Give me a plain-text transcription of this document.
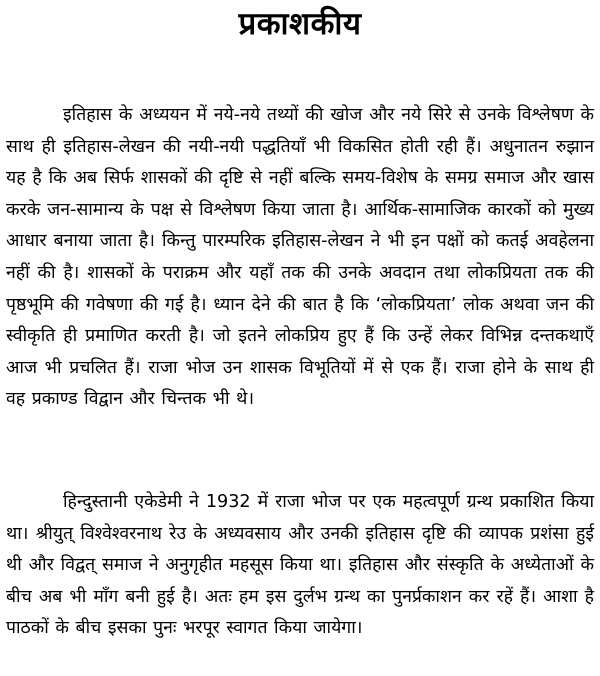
प्रकाशकीय

इतिहास के अध्ययन में नये-नये तथ्यों की खोज और नये सिरे से उनके विश्लेषण के साथ ही इतिहास-लेखन की नयी-नयी पद्धतियाँ भी विकसित होती रही हैं। अधुनातन रुझान यह है कि अब सिर्फ शासकों की दृष्टि से नहीं बल्कि समय-विशेष के समग्र समाज और खास करके जन-सामान्य के पक्ष से विश्लेषण किया जाता है। आर्थिक-सामाजिक कारकों को मुख्य आधार बनाया जाता है। किन्तु पारम्परिक इतिहास-लेखन ने भी इन पक्षों को कतई अवहेलना नहीं की है। शासकों के पराक्रम और यहाँ तक की उनके अवदान तथा लोकप्रियता तक की पृष्ठभूमि की गवेषणा की गई है। ध्यान देने की बात है कि ‘लोकप्रियता’ लोक अथवा जन की स्वीकृति ही प्रमाणित करती है। जो इतने लोकप्रिय हुए हैं कि उन्हें लेकर विभिन्न दन्तकथाएँ आज भी प्रचलित हैं। राजा भोज उन शासक विभूतियों में से एक हैं। राजा होने के साथ ही वह प्रकाण्ड विद्वान और चिन्तक भी थे।

हिन्दुस्तानी एकेडेमी ने 1932 में राजा भोज पर एक महत्वपूर्ण ग्रन्थ प्रकाशित किया था। श्रीयुत् विश्वेश्वरनाथ रेउ के अध्यवसाय और उनकी इतिहास दृष्टि की व्यापक प्रशंसा हुई थी और विद्वत् समाज ने अनुगृहीत महसूस किया था। इतिहास और संस्कृति के अध्येताओं के बीच अब भी माँग बनी हुई है। अतः हम इस दुर्लभ ग्रन्थ का पुनर्प्रकाशन कर रहें हैं। आशा है पाठकों के बीच इसका पुनः भरपूर स्वागत किया जायेगा।
